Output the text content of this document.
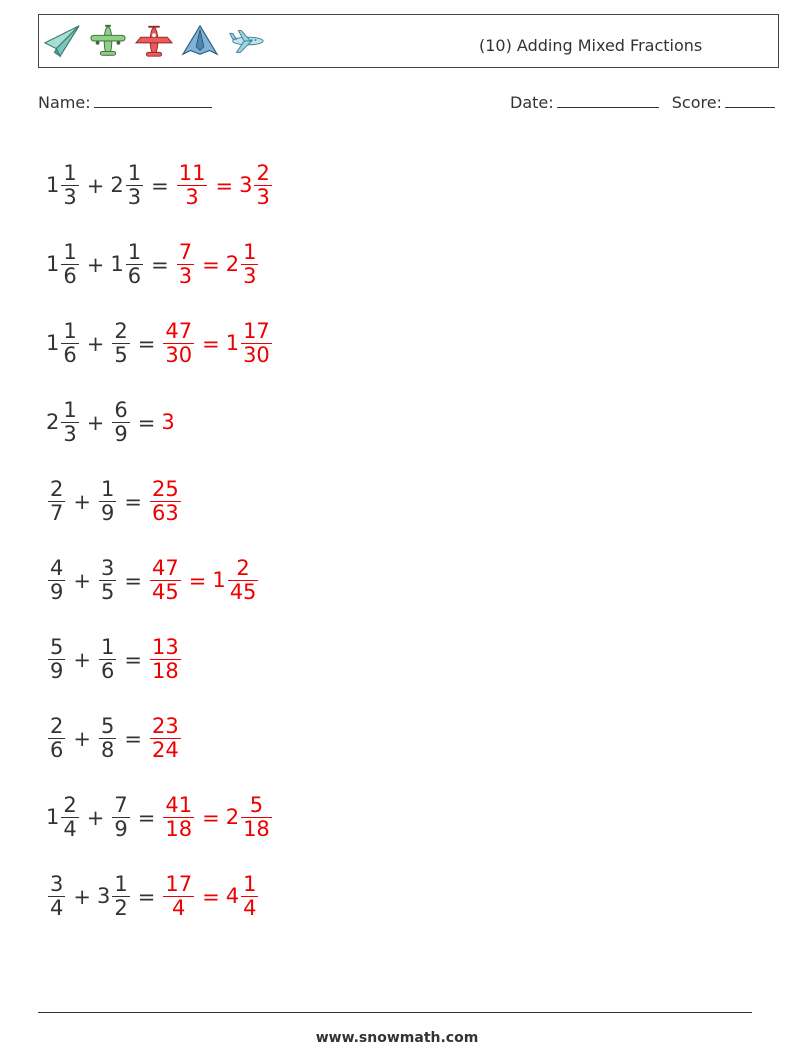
(10) Adding Mixed Fractions
Name:	Date:	Score:
$1 \frac{1}{3} + 2 \frac{1}{3} = \frac{11}{3} = 3 \frac{2}{3}$
$1 \frac{1}{6} + 1 \frac{1}{6} = \frac{7}{3} = 2 \frac{1}{3}$
$1 \frac{1}{6} + \frac{2}{5} = \frac{47}{30} = 1 \frac{17}{30}$
$2 \frac{1}{3} + \frac{6}{9} = 3$
$\frac{2}{7} + \frac{1}{9} = \frac{25}{63}$
$\frac{4}{9} + \frac{3}{5} = \frac{47}{45} = 1 \frac{2}{45}$
$\frac{5}{9} + \frac{1}{6} = \frac{13}{18}$
$\frac{2}{6} + \frac{5}{8} = \frac{23}{24}$
$1 \frac{2}{4} + \frac{7}{9} = \frac{41}{18} = 2 \frac{5}{18}$
$\frac{3}{4} + 3 \frac{1}{2} = \frac{17}{4} = 4 \frac{1}{4}$
www.snowmath.com
